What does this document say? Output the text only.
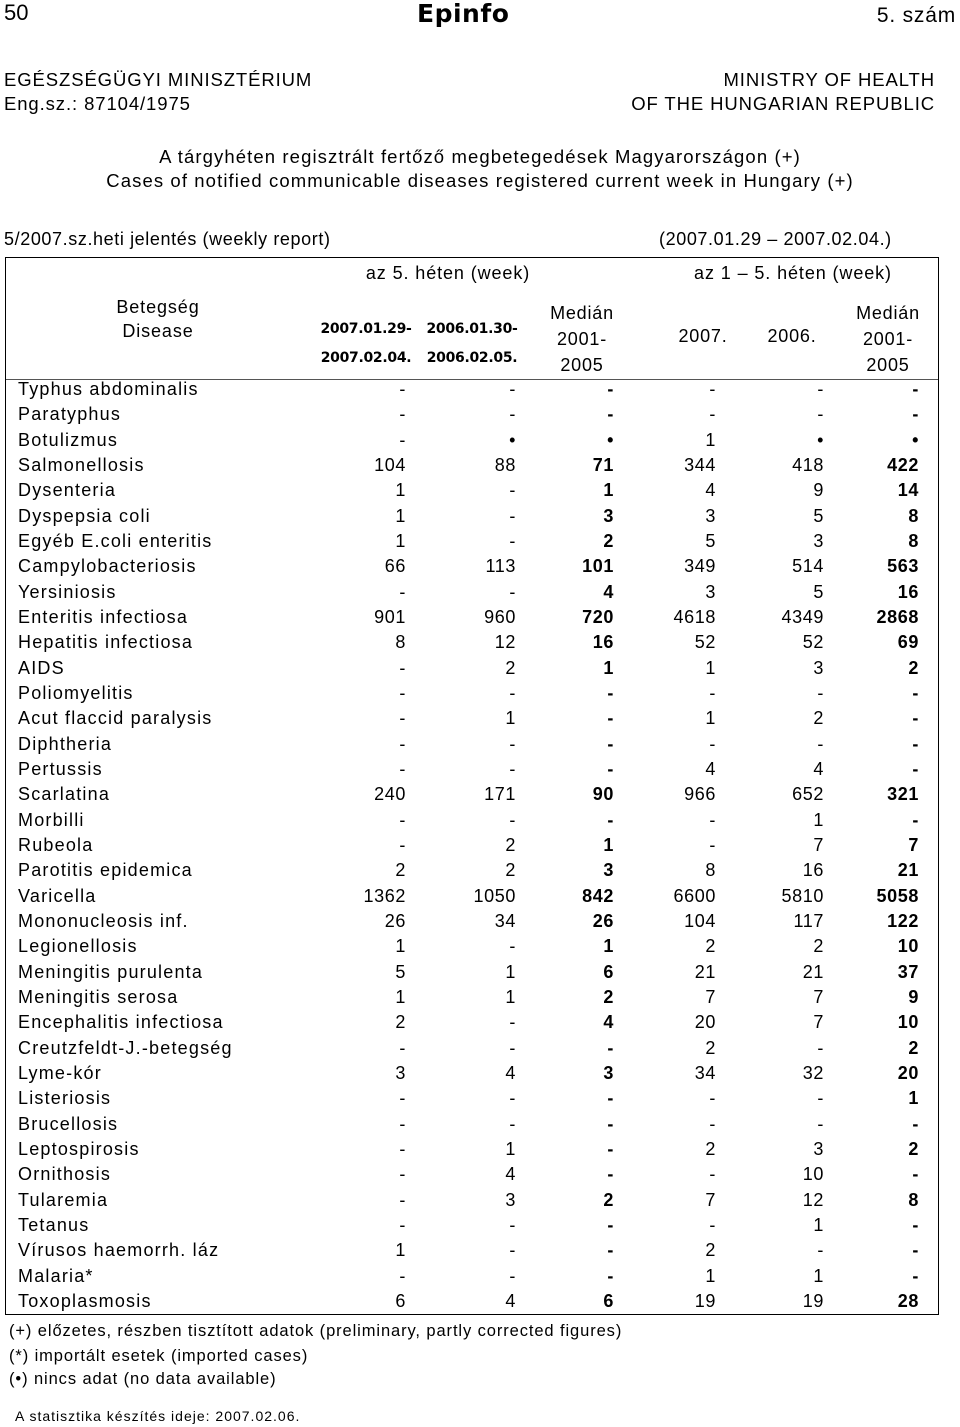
50	Epinfo	5. szám
EGÉSZSÉGÜGYI MINISZTÉRIUM
Eng.sz.: 87104/1975
MINISTRY OF HEALTH
OF THE HUNGARIAN REPUBLIC
A tárgyhéten regisztrált fertőző megbetegedések Magyarországon (+)
Cases of notified communicable diseases registered current week in Hungary (+)
5/2007.sz.heti jelentés (weekly report)	(2007.01.29 – 2007.02.04.)
Betegség
Disease
az 5. héten (week)	az 1 – 5. héten (week)
2007.01.29-
2007.02.04.
2006.01.30-
2006.02.05.
Medián
2001-
2005
2007.	2006.
Medián
2001-
2005
Typhus abdominalis	-	-	-	-	-	-
Paratyphus	-	-	-	-	-	-
Botulizmus	-	•	•	1	•	•
Salmonellosis	104	88	71	344	418	422
Dysenteria	1	-	1	4	9	14
Dyspepsia coli	1	-	3	3	5	8
Egyéb E.coli enteritis	1	-	2	5	3	8
Campylobacteriosis	66	113	101	349	514	563
Yersiniosis	-	-	4	3	5	16
Enteritis infectiosa	901	960	720	4618	4349	2868
Hepatitis infectiosa	8	12	16	52	52	69
AIDS	-	2	1	1	3	2
Poliomyelitis	-	-	-	-	-	-
Acut flaccid paralysis	-	1	-	1	2	-
Diphtheria	-	-	-	-	-	-
Pertussis	-	-	-	4	4	-
Scarlatina	240	171	90	966	652	321
Morbilli	-	-	-	-	1	-
Rubeola	-	2	1	-	7	7
Parotitis epidemica	2	2	3	8	16	21
Varicella	1362	1050	842	6600	5810	5058
Mononucleosis inf.	26	34	26	104	117	122
Legionellosis	1	-	1	2	2	10
Meningitis purulenta	5	1	6	21	21	37
Meningitis serosa	1	1	2	7	7	9
Encephalitis infectiosa	2	-	4	20	7	10
Creutzfeldt-J.-betegség	-	-	-	2	-	2
Lyme-kór	3	4	3	34	32	20
Listeriosis	-	-	-	-	-	1
Brucellosis	-	-	-	-	-	-
Leptospirosis	-	1	-	2	3	2
Ornithosis	-	4	-	-	10	-
Tularemia	-	3	2	7	12	8
Tetanus	-	-	-	-	1	-
Vírusos haemorrh. láz	1	-	-	2	-	-
Malaria*	-	-	-	1	1	-
Toxoplasmosis	6	4	6	19	19	28
(+) előzetes, részben tisztított adatok (preliminary, partly corrected figures)
(*) importált esetek (imported cases)
(•) nincs adat (no data available)
A statisztika készítés ideje: 2007.02.06.
